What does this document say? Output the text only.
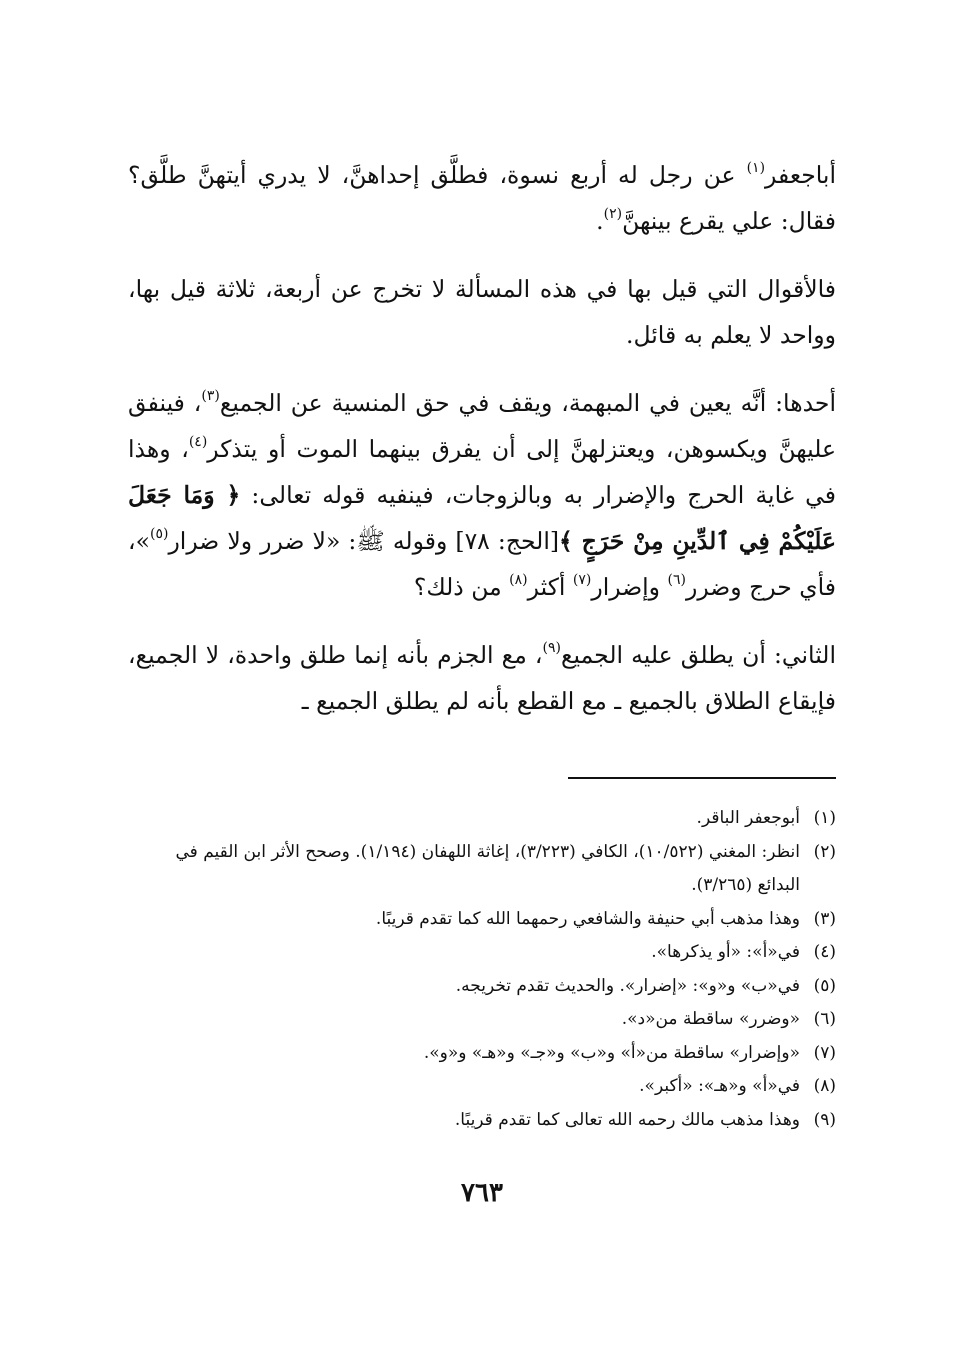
أباجعفر$^{(١)}$ عن رجل له أربع نسوة، فطلَّق إحداهنَّ، لا يدري أيتهنَّ طلَّق؟ فقال: علي يقرع بينهنَّ$^{(٢)}$.

فالأقوال التي قيل بها في هذه المسألة لا تخرج عن أربعة، ثلاثة قيل بها، وواحد لا يعلم به قائل.

أحدها: أنَّه يعين في المبهمة، ويقف في حق المنسية عن الجميع$^{(٣)}$، فينفق عليهنَّ ويكسوهن، ويعتزلهنَّ إلى أن يفرق بينهما الموت أو يتذكر$^{(٤)}$، وهذا في غاية الحرج والإضرار به وبالزوجات، فينفيه قوله تعالى: ﴿ وَمَا جَعَلَ عَلَيْكُمْ فِي ٱلدِّينِ مِنْ حَرَجٍ ﴾[الحج: ٧٨] وقوله ﷺ: «لا ضرر ولا ضرار$^{(٥)}$»، فأي حرج وضرر$^{(٦)}$ وإضرار$^{(٧)}$ أكثر$^{(٨)}$ من ذلك؟

الثاني: أن يطلق عليه الجميع$^{(٩)}$، مع الجزم بأنه إنما طلق واحدة، لا الجميع، فإيقاع الطلاق بالجميع ـ مع القطع بأنه لم يطلق الجميع ـ

(١)
أبوجعفر الباقر.
(٢)
انظر: المغني (١٠/٥٢٢)، الكافي (٣/٢٢٣)، إغاثة اللهفان (١/١٩٤). وصحح الأثر ابن القيم في البدائع (٣/٢٦٥).
(٣)
وهذا مذهب أبي حنيفة والشافعي رحمهما الله كما تقدم قريبًا.
(٤)
في«أ»: «أو يذكرها».
(٥)
في«ب» و«و»: «إضرار». والحديث تقدم تخريجه.
(٦)
«وضرر» ساقطة من«د».
(٧)
«وإضرار» ساقطة من«أ» و«ب» و«جـ» و«هـ» و«و».
(٨)
في«أ» و«هـ»: «أكبر».
(٩)
وهذا مذهب مالك رحمه الله تعالى كما تقدم قريبًا.
٧٦٣
